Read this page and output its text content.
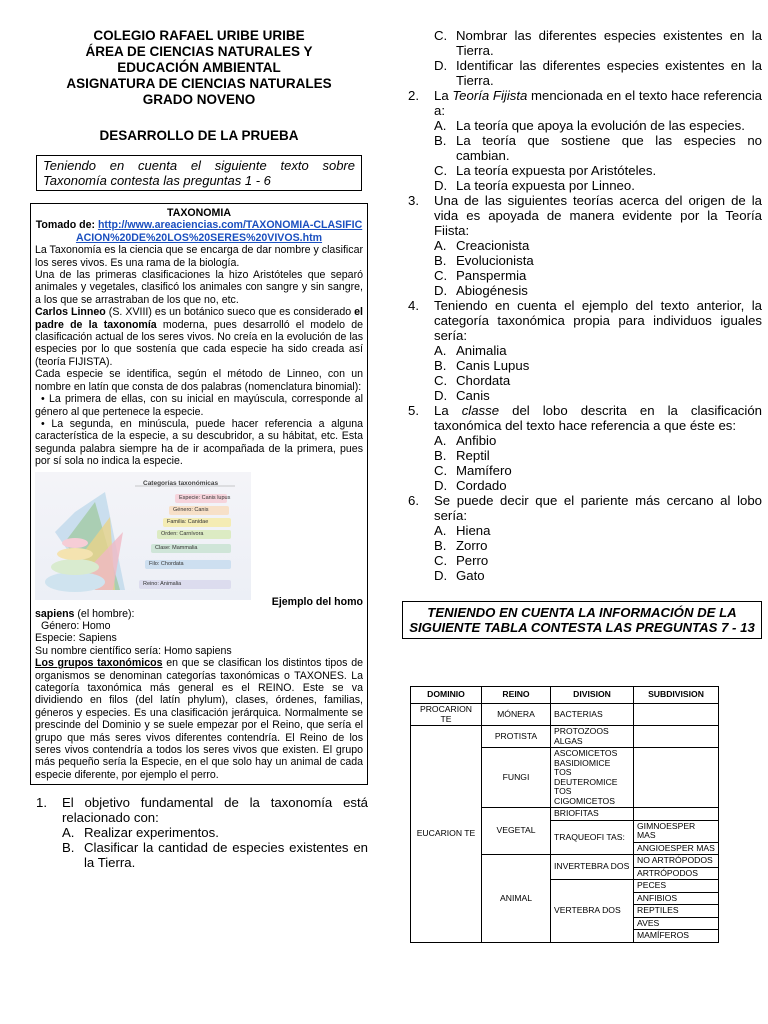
COLEGIO RAFAEL URIBE URIBE
ÁREA DE CIENCIAS NATURALES Y
EDUCACIÓN AMBIENTAL
ASIGNATURA DE CIENCIAS NATURALES
GRADO NOVENO
DESARROLLO DE LA PRUEBA
Teniendo en cuenta el siguiente texto sobre Taxonomía contesta las preguntas 1 - 6

TAXONOMIA

Tomado de: http://www.areaciencias.com/TAXONOMIA-CLASIFICACION%20DE%20LOS%20SERES%20VIVOS.htm

La Taxonomía es la ciencia que se encarga de dar nombre y clasificar los seres vivos. Es una rama de la biología.

Una de las primeras clasificaciones la hizo Aristóteles que separó animales y vegetales, clasificó los animales con sangre y sin sangre, a los que se arrastraban de los que no, etc.

Carlos Linneo (S. XVIII) es un botánico sueco que es considerado el padre de la taxonomía moderna, pues desarrolló el modelo de clasificación actual de los seres vivos. No creía en la evolución de las especies por lo que sostenía que cada especie ha sido creada así (teoría FIJISTA).

Cada especie se identifica, según el método de Linneo, con un nombre en latín que consta de dos palabras (nomenclatura binomial):

• La primera de ellas, con su inicial en mayúscula, corresponde al género al que pertenece la especie.

• La segunda, en minúscula, puede hacer referencia a alguna característica de la especie, a su descubridor, a su hábitat, etc. Esta segunda palabra siempre ha de ir acompañada de la primera, pues por sí sola no indica la especie.

Categorías taxonómicas
Especie: Canis lupus
Género: Canis
Familia: Canidae
Orden: Carnívora
Clase: Mammalia
Filo: Chordata
Reino: Animalia
Ejemplo del homo

sapiens (el hombre):

Género: Homo

Especie: Sapiens

Su nombre científico sería: Homo sapiens

Los grupos taxonómicos en que se clasifican los distintos tipos de organismos se denominan categorías taxonómicas o TAXONES. La categoría taxonómica más general es el REINO. Este se va dividiendo en filos (del latín phylum), clases, órdenes, familias, géneros y especies. Es una clasificación jerárquica. Normalmente se prescinde del Dominio y se suele empezar por el Reino, que sería el grupo que más seres vivos diferentes contendría. El Reino de los seres vivos contendría a todos los seres vivos que existen. El grupo más pequeño sería la Especie, en el que solo hay un animal de cada especie diferente, por ejemplo el perro.

1. El objetivo fundamental de la taxonomía está relacionado con:
A. Realizar experimentos.
B. Clasificar la cantidad de especies existentes en la Tierra.
C. Nombrar las diferentes especies existentes en la Tierra.
D. Identificar las diferentes especies existentes en la Tierra.
2. La Teoría Fijista mencionada en el texto hace referencia a:
A. La teoría que apoya la evolución de las especies.
B. La teoría que sostiene que las especies no cambian.
C. La teoría expuesta por Aristóteles.
D. La teoría expuesta por Linneo.
3. Una de las siguientes teorías acerca del origen de la vida es apoyada de manera evidente por la Teoría Fiista:
A. Creacionista
B. Evolucionista
C. Panspermia
D. Abiogénesis
4. Teniendo en cuenta el ejemplo del texto anterior, la categoría taxonómica propia para individuos iguales sería:
A. Animalia
B. Canis Lupus
C. Chordata
D. Canis
5. La classe del lobo descrita en la clasificación taxonómica del texto hace referencia a que éste es:
A. Anfibio
B. Reptil
C. Mamífero
D. Cordado
6. Se puede decir que el pariente más cercano al lobo sería:
A. Hiena
B. Zorro
C. Perro
D. Gato
TENIENDO EN CUENTA LA INFORMACIÓN DE LA SIGUIENTE TABLA CONTESTA LAS PREGUNTAS 7 - 13
DOMINIO	REINO	DIVISION	SUBDIVISION
PROCARION TE	MÓNERA	BACTERIAS	
EUCARION TE	PROTISTA	PROTOZOOS ALGAS	
	FUNGI	ASCOMICETOS BASIDIOMICE TOS DEUTEROMICE TOS CIGOMICETOS	
	VEGETAL	BRIOFITAS	
		TRAQUEOFI TAS:	GIMNOESPER MAS
			ANGIOESPER MAS
	ANIMAL	INVERTEBRA DOS	NO ARTRÓPODOS
			ARTRÓPODOS
		VERTEBRA DOS	PECES
			ANFIBIOS
			REPTILES
			AVES
			MAMÍFEROS
